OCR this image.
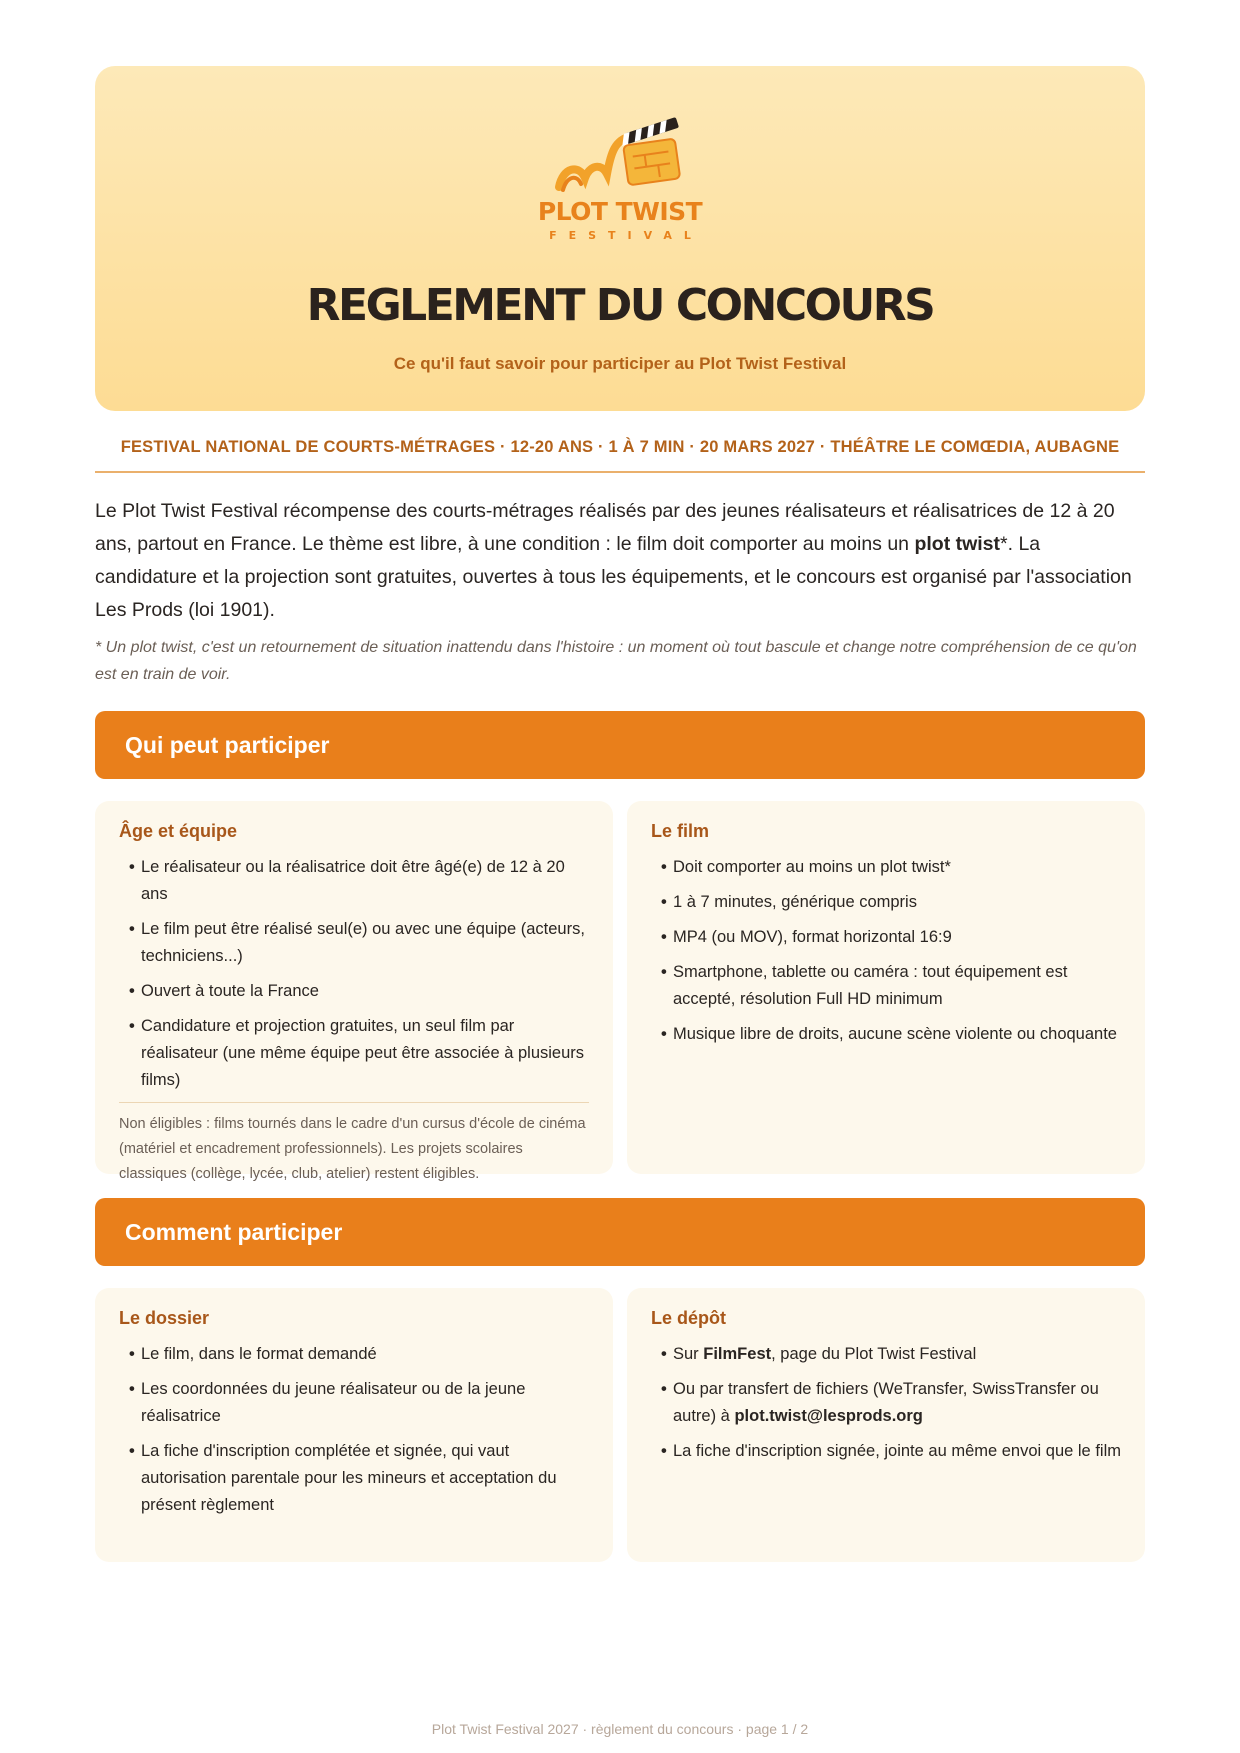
PLOT TWIST
FESTIVAL
REGLEMENT DU CONCOURS
Ce qu'il faut savoir pour participer au Plot Twist Festival
FESTIVAL NATIONAL DE COURTS-MÉTRAGES · 12-20 ANS · 1 À 7 MIN · 20 MARS 2027 · THÉÂTRE LE COMŒDIA, AUBAGNE

Le Plot Twist Festival récompense des courts-métrages réalisés par des jeunes réalisateurs et réalisatrices de 12 à 20 ans, partout en France. Le thème est libre, à une condition : le film doit comporter au moins un plot twist*. La candidature et la projection sont gratuites, ouvertes à tous les équipements, et le concours est organisé par l'association Les Prods (loi 1901).

* Un plot twist, c'est un retournement de situation inattendu dans l'histoire : un moment où tout bascule et change notre compréhension de ce qu'on est en train de voir.

Qui peut participer
Âge et équipe
• Le réalisateur ou la réalisatrice doit être âgé(e) de 12 à 20 ans
• Le film peut être réalisé seul(e) ou avec une équipe (acteurs, techniciens...)
• Ouvert à toute la France
• Candidature et projection gratuites, un seul film par réalisateur (une même équipe peut être associée à plusieurs films)
Non éligibles : films tournés dans le cadre d'un cursus d'école de cinéma (matériel et encadrement professionnels). Les projets scolaires classiques (collège, lycée, club, atelier) restent éligibles.
Le film
• Doit comporter au moins un plot twist*
• 1 à 7 minutes, générique compris
• MP4 (ou MOV), format horizontal 16:9
• Smartphone, tablette ou caméra : tout équipement est accepté, résolution Full HD minimum
• Musique libre de droits, aucune scène violente ou choquante
Comment participer
Le dossier
• Le film, dans le format demandé
• Les coordonnées du jeune réalisateur ou de la jeune réalisatrice
• La fiche d'inscription complétée et signée, qui vaut autorisation parentale pour les mineurs et acceptation du présent règlement
Le dépôt
• Sur FilmFest, page du Plot Twist Festival
• Ou par transfert de fichiers (WeTransfer, SwissTransfer ou autre) à plot.twist@lesprods.org
• La fiche d'inscription signée, jointe au même envoi que le film
Plot Twist Festival 2027 · règlement du concours · page 1 / 2
